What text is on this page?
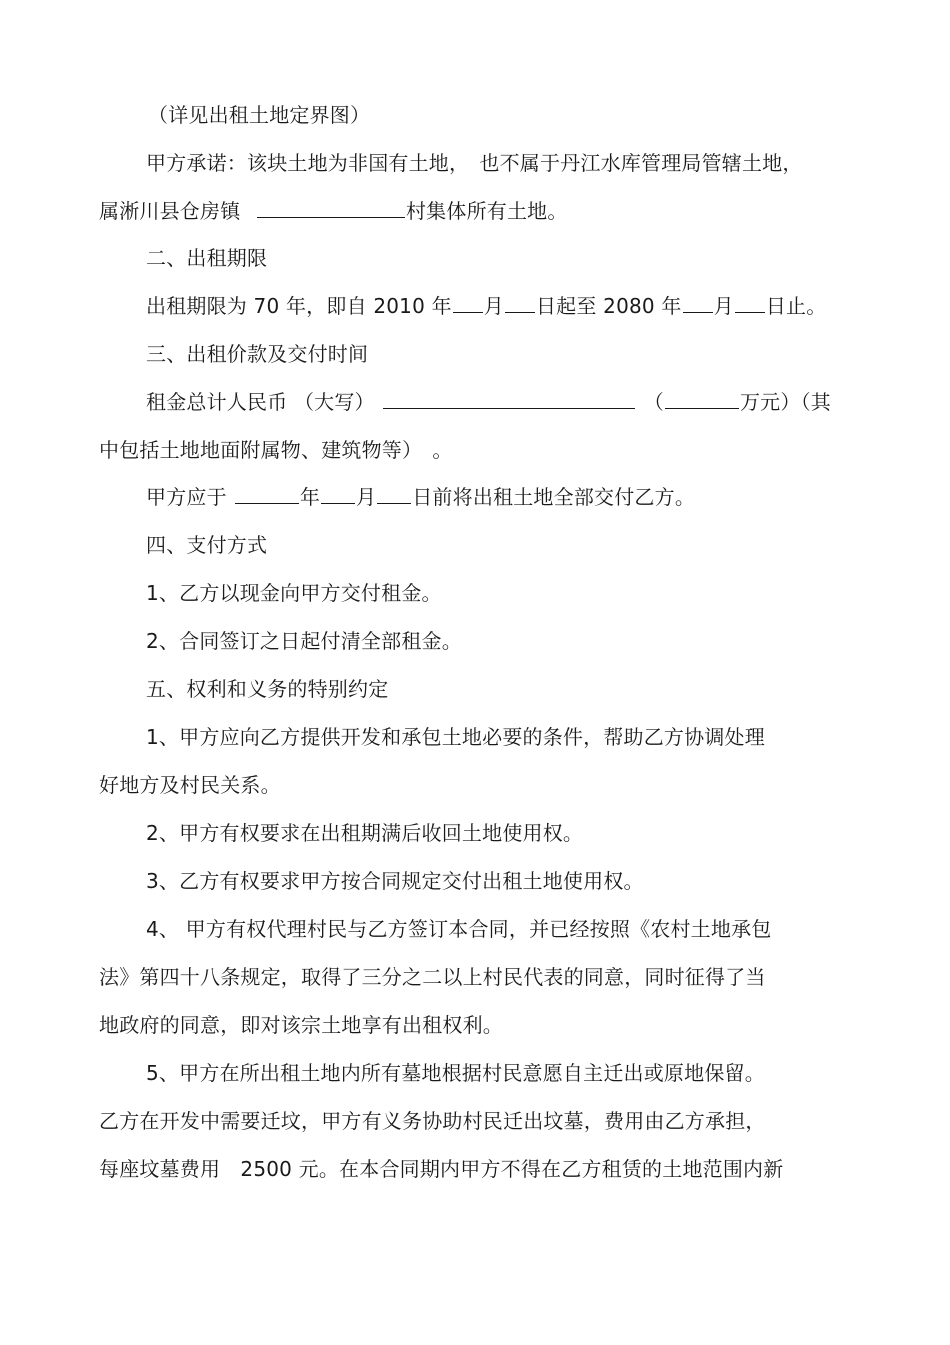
（详见出租土地定界图）
甲方承诺：该块土地为非国有土地，　也不属于丹江水库管理局管辖土地，
属淅川县仓房镇	村集体所有土地。
二、出租期限
出租期限为 70 年，即自 2010 年 月 日起至 2080 年 月 日止。
三、出租价款及交付时间
租金总计人民币 （大写）	（	万元）（其
中包括土地地面附属物、建筑物等）　。
甲方应于	年 月 日前将出租土地全部交付乙方。
四、支付方式
1、乙方以现金向甲方交付租金。
2、合同签订之日起付清全部租金。
五、权利和义务的特别约定
1、甲方应向乙方提供开发和承包土地必要的条件，帮助乙方协调处理
好地方及村民关系。
2、甲方有权要求在出租期满后收回土地使用权。
3、乙方有权要求甲方按合同规定交付出租土地使用权。
4、 甲方有权代理村民与乙方签订本合同，并已经按照《农村土地承包
法》第四十八条规定，取得了三分之二以上村民代表的同意，同时征得了当
地政府的同意，即对该宗土地享有出租权利。
5、甲方在所出租土地内所有墓地根据村民意愿自主迁出或原地保留。
乙方在开发中需要迁坟，甲方有义务协助村民迁出坟墓，费用由乙方承担，
每座坟墓费用　2500 元。在本合同期内甲方不得在乙方租赁的土地范围内新
